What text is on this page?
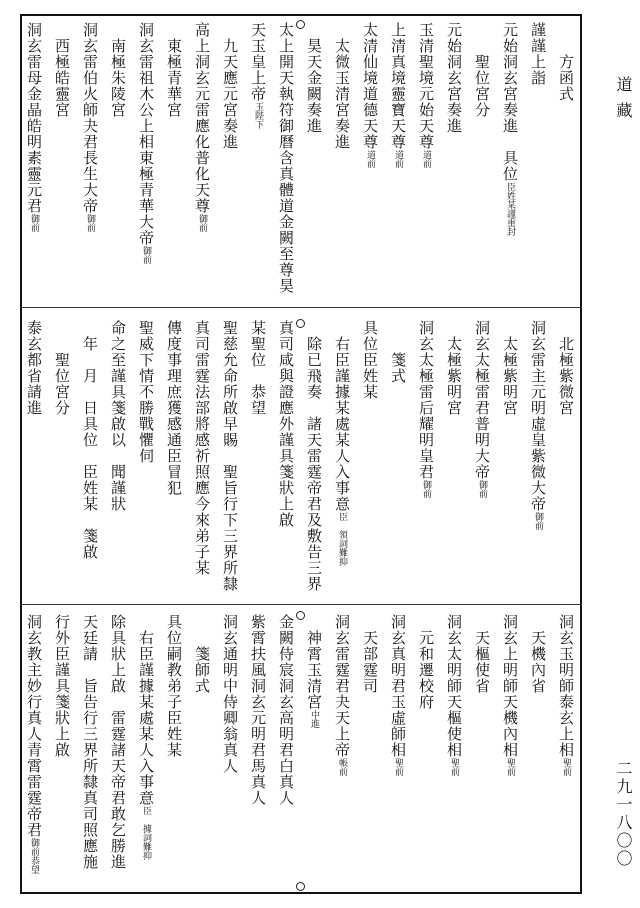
道藏
二九一八〇〇
方函式
謹謹上詣
元始洞玄宮奏進　具位臣姓某謹重封
聖位宮分
元始洞玄宮奏進
玉清聖境元始天尊道前
上清真境靈寶天尊道前
太清仙境道德天尊道前
太微玉清宮奏進
昊天金闕奏進
太上開天執符御曆含真體道金闕至尊昊
天玉皇上帝玉陛下
九天應元宮奏進
高上洞玄元雷應化普化天尊御前
東極青華宮
洞玄雷祖木公上相東極青華大帝御前
南極朱陵宮
洞玄雷伯火師夬君長生大帝御前
西極皓靈宮
洞玄雷母金晶皓明素靈元君御前
北極紫微宮
洞玄雷主元明虛皇紫微大帝御前
太極紫明宮
洞玄太極雷君普明大帝御前
太極紫明宮
洞玄太極雷后耀明皇君御前
箋式
具位臣姓某
右臣謹據某處某人入事意臣　領詞難抑
除已飛奏　諸天雷霆帝君及敷告三界
真司咸與證應外謹具箋狀上啟
某聖位　恭望
聖慈允命所啟早賜　聖旨行下三界所隸
真司雷霆法部將感祈照應今來弟子某
傳度事理庶獲感通臣冒犯
聖威下情不勝戰懼伺
命之至謹具箋啟以　聞謹狀
年　月　日具位　臣姓某　箋啟
聖位宮分
泰玄都省請進
洞玄玉明師泰玄上相聖前
天機內省
洞玄上明師天機內相聖前
天樞使省
洞玄太明師天樞使相聖前
元和遷校府
洞玄真明君玉虛師相聖前
天部霆司
洞玄雷霆君夬天上帝帳前
神霄玉清宮中進
金闕侍宸洞玄高明君白真人
紫霄扶風洞玄元明君馬真人
洞玄通明中侍卿翁真人
箋師式
具位嗣教弟子臣姓某
右臣謹據某處某人入事意臣　據詞難抑
除具狀上啟　雷霆諸天帝君敢乞勝進
天廷請　旨告行三界所隸真司照應施
行外臣謹具箋狀上啟
洞玄教主妙行真人青霄雷霆帝君御前恭望
